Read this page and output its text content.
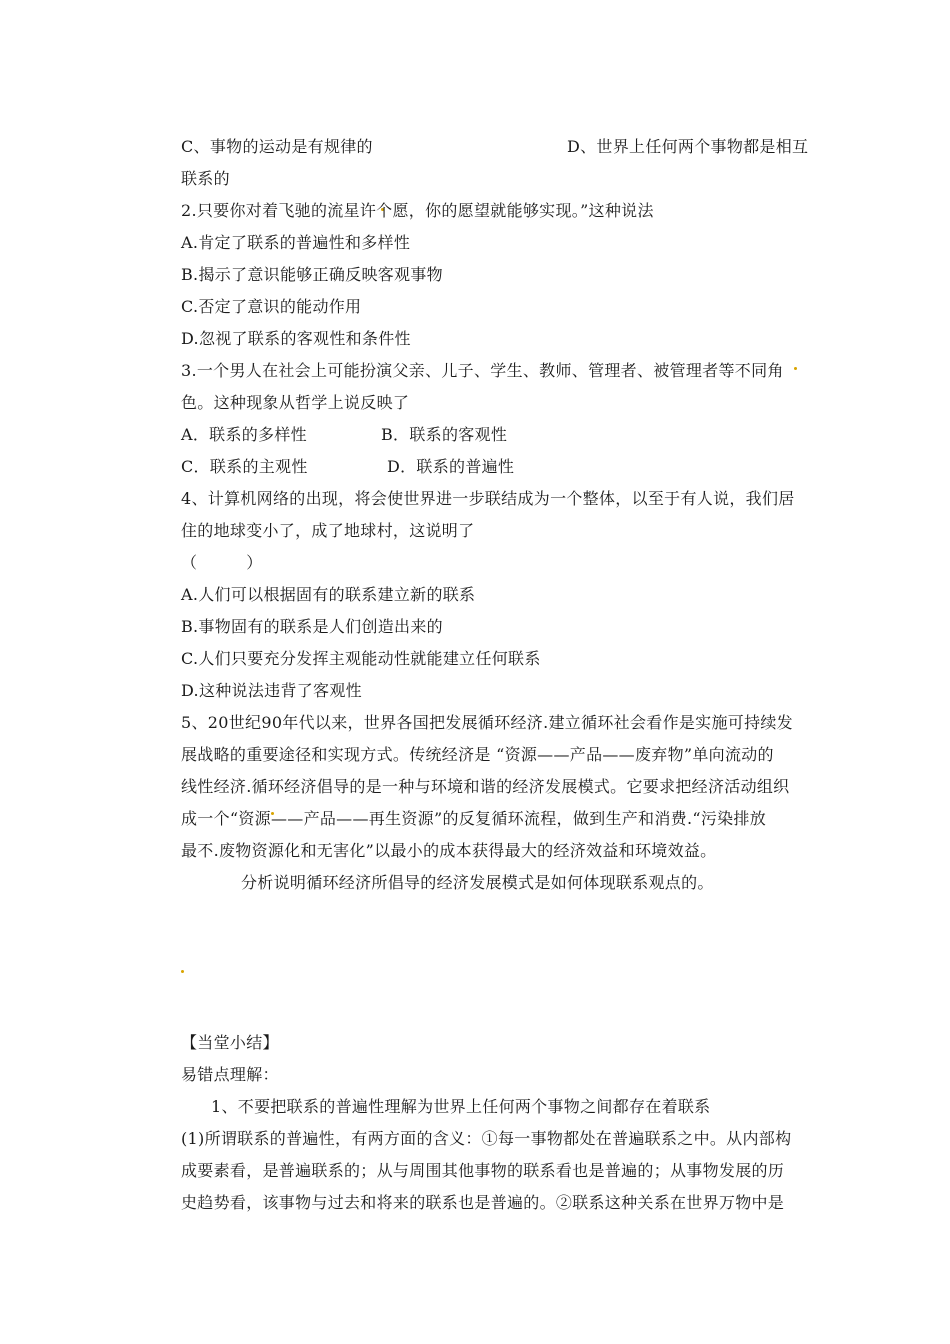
C、事物的运动是有规律的	D、世界上任何两个事物都是相互
联系的
2.只要你对着飞驰的流星许个愿，你的愿望就能够实现。”这种说法
A.肯定了联系的普遍性和多样性
B.揭示了意识能够正确反映客观事物
C.否定了意识的能动作用
D.忽视了联系的客观性和条件性
3.一个男人在社会上可能扮演父亲、儿子、学生、教师、管理者、被管理者等不同角
色。这种现象从哲学上说反映了
A．联系的多样性	B．联系的客观性
C．联系的主观性	D．联系的普遍性
4、计算机网络的出现，将会使世界进一步联结成为一个整体，以至于有人说，我们居
住的地球变小了，成了地球村，这说明了
（　　　）
A.人们可以根据固有的联系建立新的联系
B.事物固有的联系是人们创造出来的
C.人们只要充分发挥主观能动性就能建立任何联系
D.这种说法违背了客观性
5、20世纪90年代以来，世界各国把发展循环经济.建立循环社会看作是实施可持续发
展战略的重要途径和实现方式。传统经济是 “资源——产品——废弃物”单向流动的
线性经济.循环经济倡导的是一种与环境和谐的经济发展模式。它要求把经济活动组织
成一个“资源——产品——再生资源”的反复循环流程，做到生产和消费.“污染排放
最不.废物资源化和无害化”以最小的成本获得最大的经济效益和环境效益。
分析说明循环经济所倡导的经济发展模式是如何体现联系观点的。
【当堂小结】
易错点理解：
1、不要把联系的普遍性理解为世界上任何两个事物之间都存在着联系
(1)所谓联系的普遍性，有两方面的含义：①每一事物都处在普遍联系之中。从内部构
成要素看，是普遍联系的；从与周围其他事物的联系看也是普遍的；从事物发展的历
史趋势看，该事物与过去和将来的联系也是普遍的。②联系这种关系在世界万物中是
